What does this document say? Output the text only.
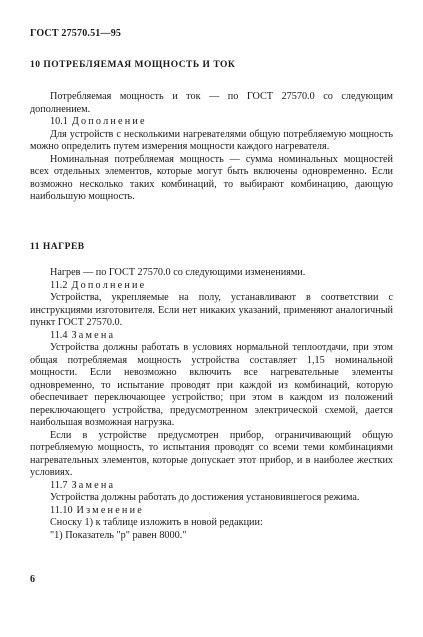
ГОСТ 27570.51—95
10 ПОТРЕБЛЯЕМАЯ МОЩНОСТЬ И ТОК

Потребляемая мощность и ток — по ГОСТ 27570.0 со следующим дополнением.

10.1 Дополнение

Для устройств с несколькими нагревателями общую потребляемую мощность можно определить путем измерения мощности каждого нагревателя.

Номинальная потребляемая мощность — сумма номинальных мощностей всех отдельных элементов, которые могут быть включены одновременно. Если возможно несколько таких комбинаций, то выбирают комбинацию, дающую наибольшую мощность.

11 НАГРЕВ

Нагрев — по ГОСТ 27570.0 со следующими изменениями.

11.2 Дополнение

Устройства, укрепляемые на полу, устанавливают в соответствии с инструкциями изготовителя. Если нет никаких указаний, применяют аналогичный пункт ГОСТ 27570.0.

11.4 Замена

Устройства должны работать в условиях нормальной теплоотдачи, при этом общая потребляемая мощность устройства составляет 1,15 номинальной мощности. Если невозможно включить все нагревательные элементы одновременно, то испытание проводят при каждой из комбинаций, которую обеспечивает переключающее устройство; при этом в каждом из положений переключающего устройства, предусмотренном электрической схемой, дается наибольшая возможная нагрузка.

Если в устройстве предусмотрен прибор, ограничивающий общую потребляемую мощность, то испытания проводят со всеми теми комбинациями нагревательных элементов, которые допускает этот прибор, и в наиболее жестких условиях.

11.7 Замена

Устройства должны работать до достижения установившегося режима.

11.10 Изменение

Сноску 1) к таблице изложить в новой редакции:

"1) Показатель "р" равен 8000."

6
